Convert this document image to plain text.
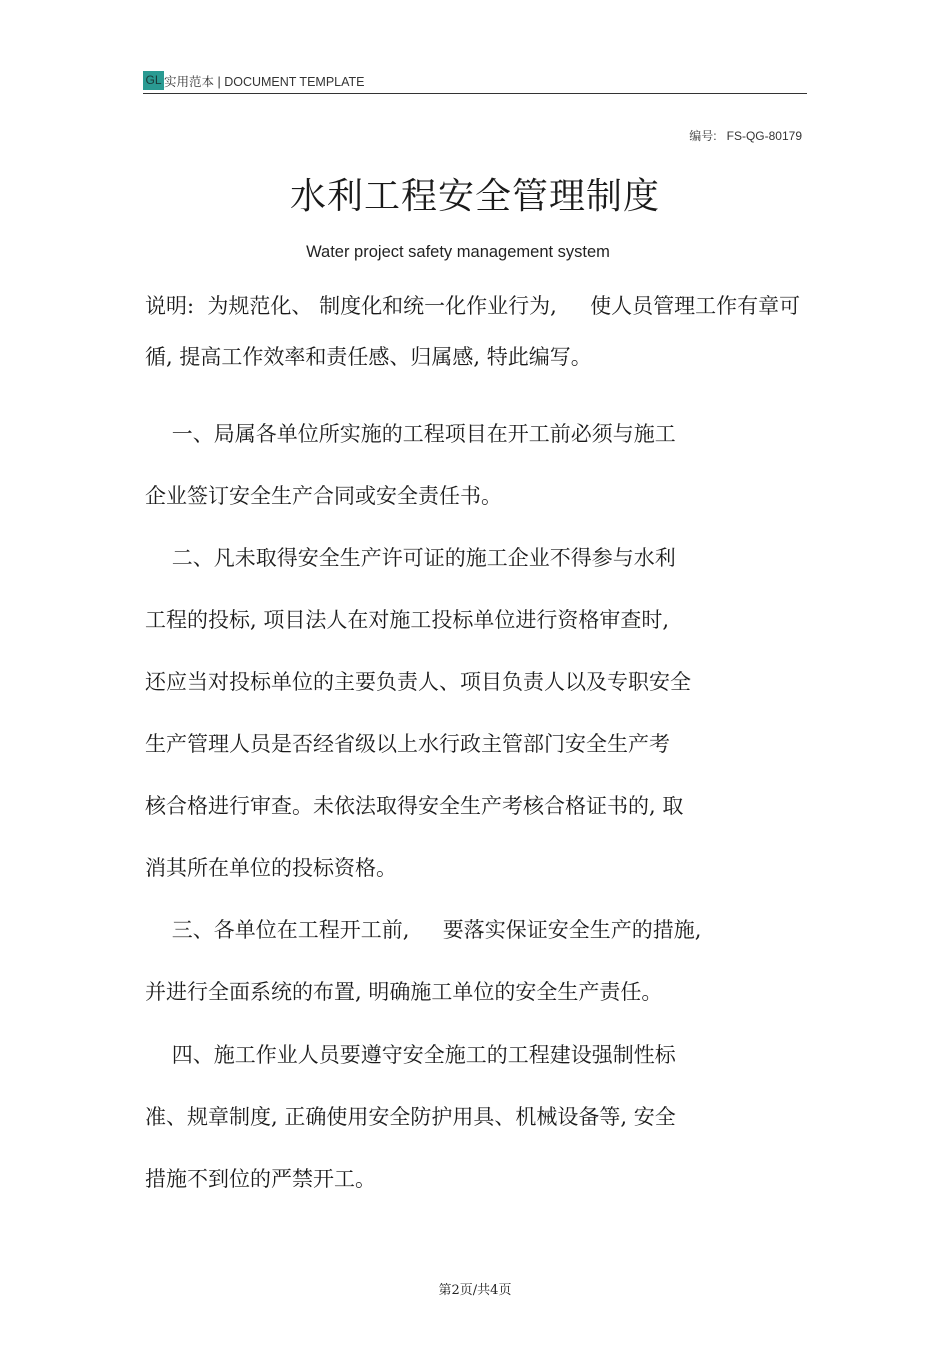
GL 实用范本 | DOCUMENT TEMPLATE
编号:   FS-QG-80179
水利工程安全管理制度
Water project safety management system
说明:  为规范化、 制度化和统一化作业行为,     使人员管理工作有章可
循, 提高工作效率和责任感、归属感, 特此编写。
一、局属各单位所实施的工程项目在开工前必须与施工
企业签订安全生产合同或安全责任书。
二、凡未取得安全生产许可证的施工企业不得参与水利
工程的投标, 项目法人在对施工投标单位进行资格审查时,
还应当对投标单位的主要负责人、项目负责人以及专职安全
生产管理人员是否经省级以上水行政主管部门安全生产考
核合格进行审查。未依法取得安全生产考核合格证书的, 取
消其所在单位的投标资格。
三、各单位在工程开工前,     要落实保证安全生产的措施,
并进行全面系统的布置, 明确施工单位的安全生产责任。
四、施工作业人员要遵守安全施工的工程建设强制性标
准、规章制度, 正确使用安全防护用具、机械设备等, 安全
措施不到位的严禁开工。
第2页/共4页
